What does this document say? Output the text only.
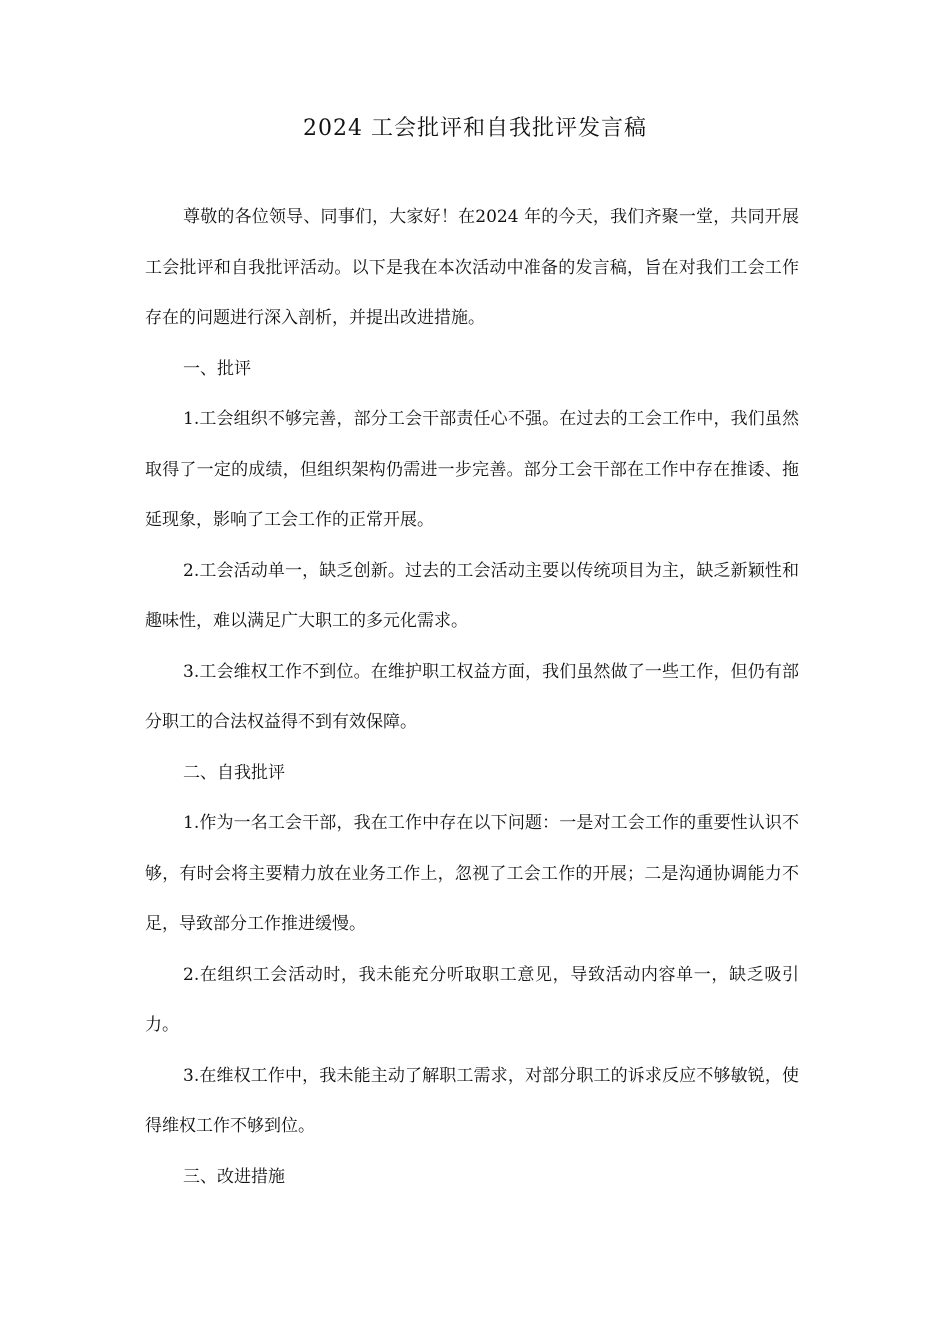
2024 工会批评和自我批评发言稿

尊敬的各位领导、同事们，大家好！在2024 年的今天，我们齐聚一堂，共同开展工会批评和自我批评活动。以下是我在本次活动中准备的发言稿，旨在对我们工会工作存在的问题进行深入剖析，并提出改进措施。

一、批评

1.工会组织不够完善，部分工会干部责任心不强。在过去的工会工作中，我们虽然取得了一定的成绩，但组织架构仍需进一步完善。部分工会干部在工作中存在推诿、拖延现象，影响了工会工作的正常开展。

2.工会活动单一，缺乏创新。过去的工会活动主要以传统项目为主，缺乏新颖性和趣味性，难以满足广大职工的多元化需求。

3.工会维权工作不到位。在维护职工权益方面，我们虽然做了一些工作，但仍有部分职工的合法权益得不到有效保障。

二、自我批评

1.作为一名工会干部，我在工作中存在以下问题：一是对工会工作的重要性认识不够，有时会将主要精力放在业务工作上，忽视了工会工作的开展；二是沟通协调能力不足，导致部分工作推进缓慢。

2.在组织工会活动时，我未能充分听取职工意见，导致活动内容单一，缺乏吸引力。

3.在维权工作中，我未能主动了解职工需求，对部分职工的诉求反应不够敏锐，使得维权工作不够到位。

三、改进措施
